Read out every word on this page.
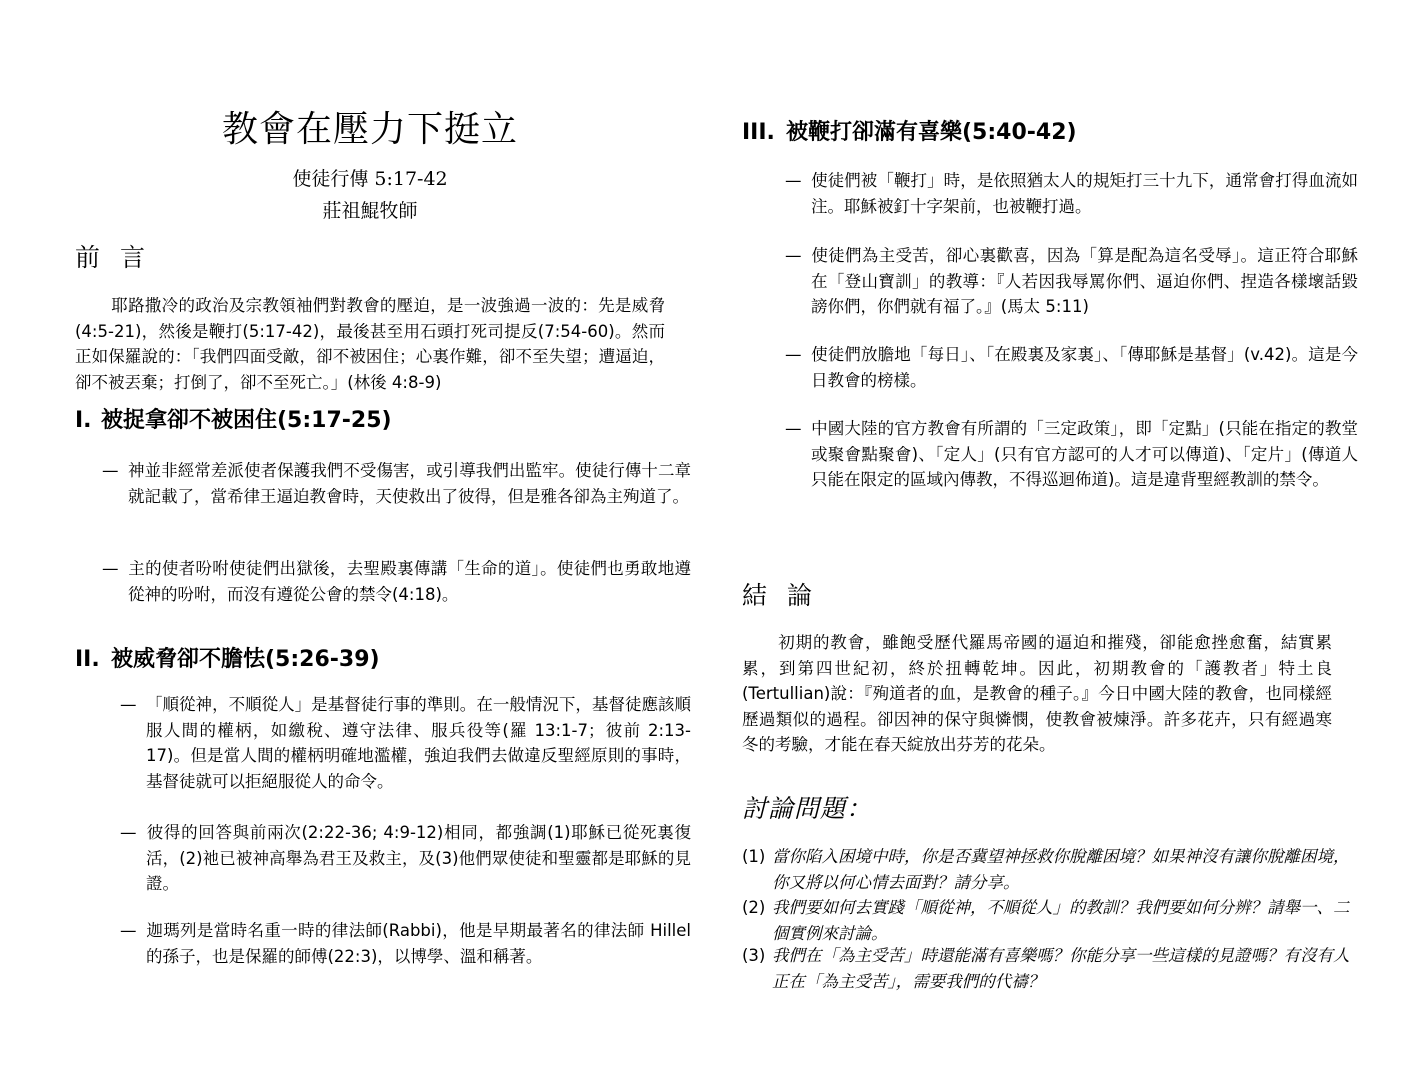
教會在壓力下挺立
使徒行傳 5:17-42
莊祖鯤牧師
前 言
耶路撒冷的政治及宗教領袖們對教會的壓迫，是一波強過一波的：先是威脅(4:5-21)，然後是鞭打(5:17-42)，最後甚至用石頭打死司提反(7:54-60)。然而正如保羅說的：「我們四面受敵，卻不被困住；心裏作難，卻不至失望；遭逼迫，卻不被丟棄；打倒了，卻不至死亡。」(林後 4:8-9)
I. 被捉拿卻不被困住(5:17-25)
— 神並非經常差派使者保護我們不受傷害，或引導我們出監牢。使徒行傳十二章就記載了，當希律王逼迫教會時，天使救出了彼得，但是雅各卻為主殉道了。
— 主的使者吩咐使徒們出獄後，去聖殿裏傳講「生命的道」。使徒們也勇敢地遵從神的吩咐，而沒有遵從公會的禁令(4:18)。
II. 被威脅卻不膽怯(5:26-39)
— 「順從神，不順從人」是基督徒行事的準則。在一般情況下，基督徒應該順服人間的權柄，如繳稅、遵守法律、服兵役等(羅 13:1-7；彼前 2:13-17)。但是當人間的權柄明確地濫權，強迫我們去做違反聖經原則的事時，基督徒就可以拒絕服從人的命令。
— 彼得的回答與前兩次(2:22-36; 4:9-12)相同，都強調(1)耶穌已從死裏復活，(2)祂已被神高舉為君王及救主，及(3)他們眾使徒和聖靈都是耶穌的見證。
— 迦瑪列是當時名重一時的律法師(Rabbi)，他是早期最著名的律法師 Hillel 的孫子，也是保羅的師傅(22:3)，以博學、溫和稱著。
III. 被鞭打卻滿有喜樂(5:40-42)
— 使徒們被「鞭打」時，是依照猶太人的規矩打三十九下，通常會打得血流如注。耶穌被釘十字架前，也被鞭打過。
— 使徒們為主受苦，卻心裏歡喜，因為「算是配為這名受辱」。這正符合耶穌在「登山寶訓」的教導：『人若因我辱罵你們、逼迫你們、捏造各樣壞話毀謗你們，你們就有福了。』(馬太 5:11)
— 使徒們放膽地「每日」、「在殿裏及家裏」、「傳耶穌是基督」(v.42)。這是今日教會的榜樣。
— 中國大陸的官方教會有所謂的「三定政策」，即「定點」(只能在指定的教堂或聚會點聚會)、「定人」(只有官方認可的人才可以傳道)、「定片」(傳道人只能在限定的區域內傳教，不得巡迴佈道)。這是違背聖經教訓的禁令。
結 論
初期的教會，雖飽受歷代羅馬帝國的逼迫和摧殘，卻能愈挫愈奮，結實累累，到第四世紀初，終於扭轉乾坤。因此，初期教會的「護教者」特土良(Tertullian)說：『殉道者的血，是教會的種子。』今日中國大陸的教會，也同樣經歷過類似的過程。卻因神的保守與憐憫，使教會被煉淨。許多花卉，只有經過寒冬的考驗，才能在春天綻放出芬芳的花朵。
討論問題：
(1) 當你陷入困境中時，你是否冀望神拯救你脫離困境？如果神沒有讓你脫離困境，你又將以何心情去面對？請分享。
(2) 我們要如何去實踐「順從神，不順從人」的教訓？我們要如何分辨？請舉一、二個實例來討論。
(3) 我們在「為主受苦」時還能滿有喜樂嗎？你能分享一些這樣的見證嗎？有沒有人正在「為主受苦」，需要我們的代禱？
